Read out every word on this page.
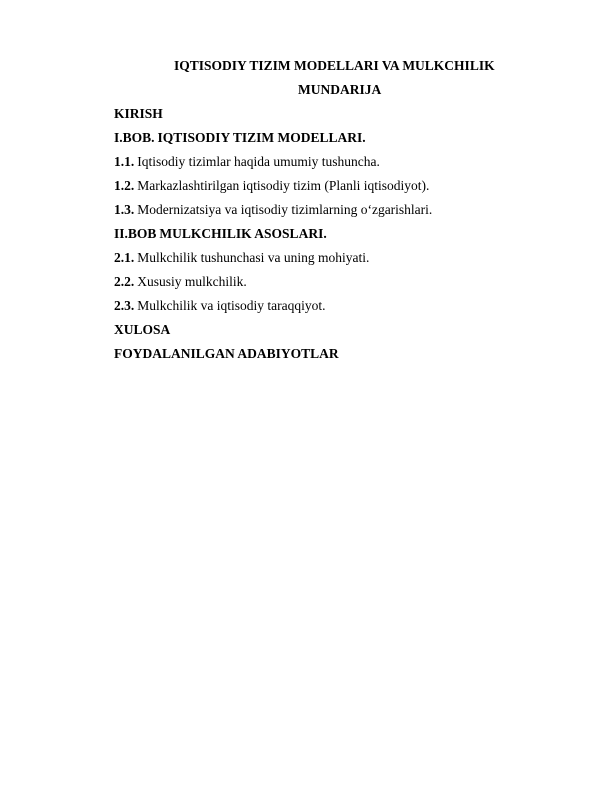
IQTISODIY TIZIM MODELLARI VA MULKCHILIK
MUNDARIJA
KIRISH
I.BOB. IQTISODIY TIZIM MODELLARI.
1.1. Iqtisodiy tizimlar haqida umumiy tushuncha.
1.2. Markazlashtirilgan iqtisodiy tizim (Planli iqtisodiyot).
1.3. Modernizatsiya va iqtisodiy tizimlarning o‘zgarishlari.
II.BOB MULKCHILIK ASOSLARI.
2.1. Mulkchilik tushunchasi va uning mohiyati.
2.2. Xususiy mulkchilik.
2.3. Mulkchilik va iqtisodiy taraqqiyot.
XULOSA
FOYDALANILGAN ADABIYOTLAR
